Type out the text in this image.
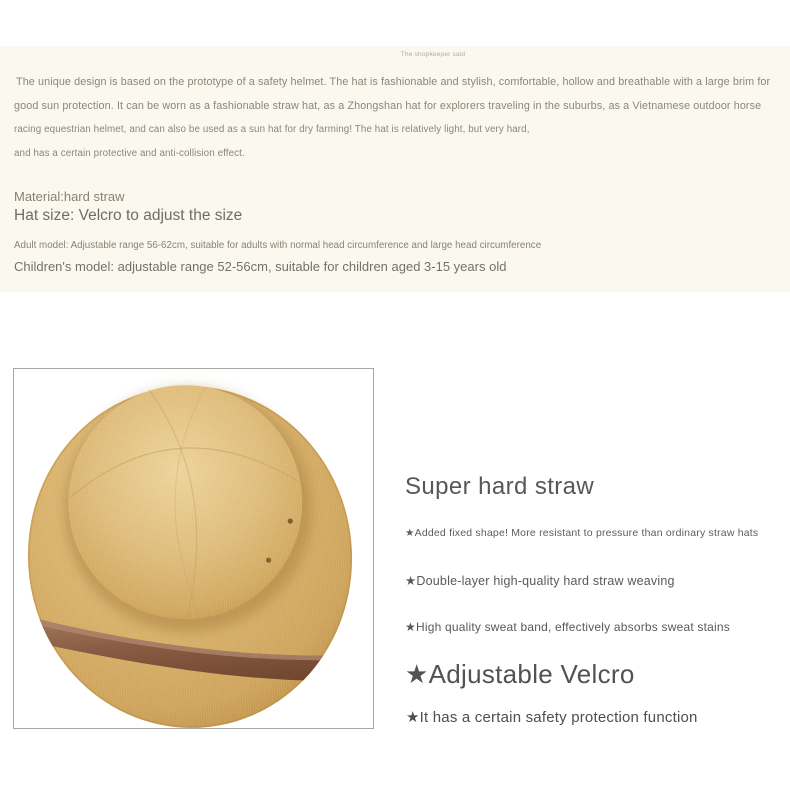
The shopkeeper said
The unique design is based on the prototype of a safety helmet. The hat is fashionable and stylish, comfortable, hollow and breathable with a large brim for
good sun protection. It can be worn as a fashionable straw hat, as a Zhongshan hat for explorers traveling in the suburbs, as a Vietnamese outdoor horse
racing equestrian helmet, and can also be used as a sun hat for dry farming! The hat is relatively light, but very hard,
and has a certain protective and anti-collision effect.
Material:hard straw
Hat size: Velcro to adjust the size
Adult model: Adjustable range 56-62cm, suitable for adults with normal head circumference and large head circumference
Children's model: adjustable range 52-56cm, suitable for children aged 3-15 years old
Super hard straw
★Added fixed shape! More resistant to pressure than ordinary straw hats
★Double-layer high-quality hard straw weaving
★High quality sweat band, effectively absorbs sweat stains
★Adjustable Velcro
★It has a certain safety protection function
